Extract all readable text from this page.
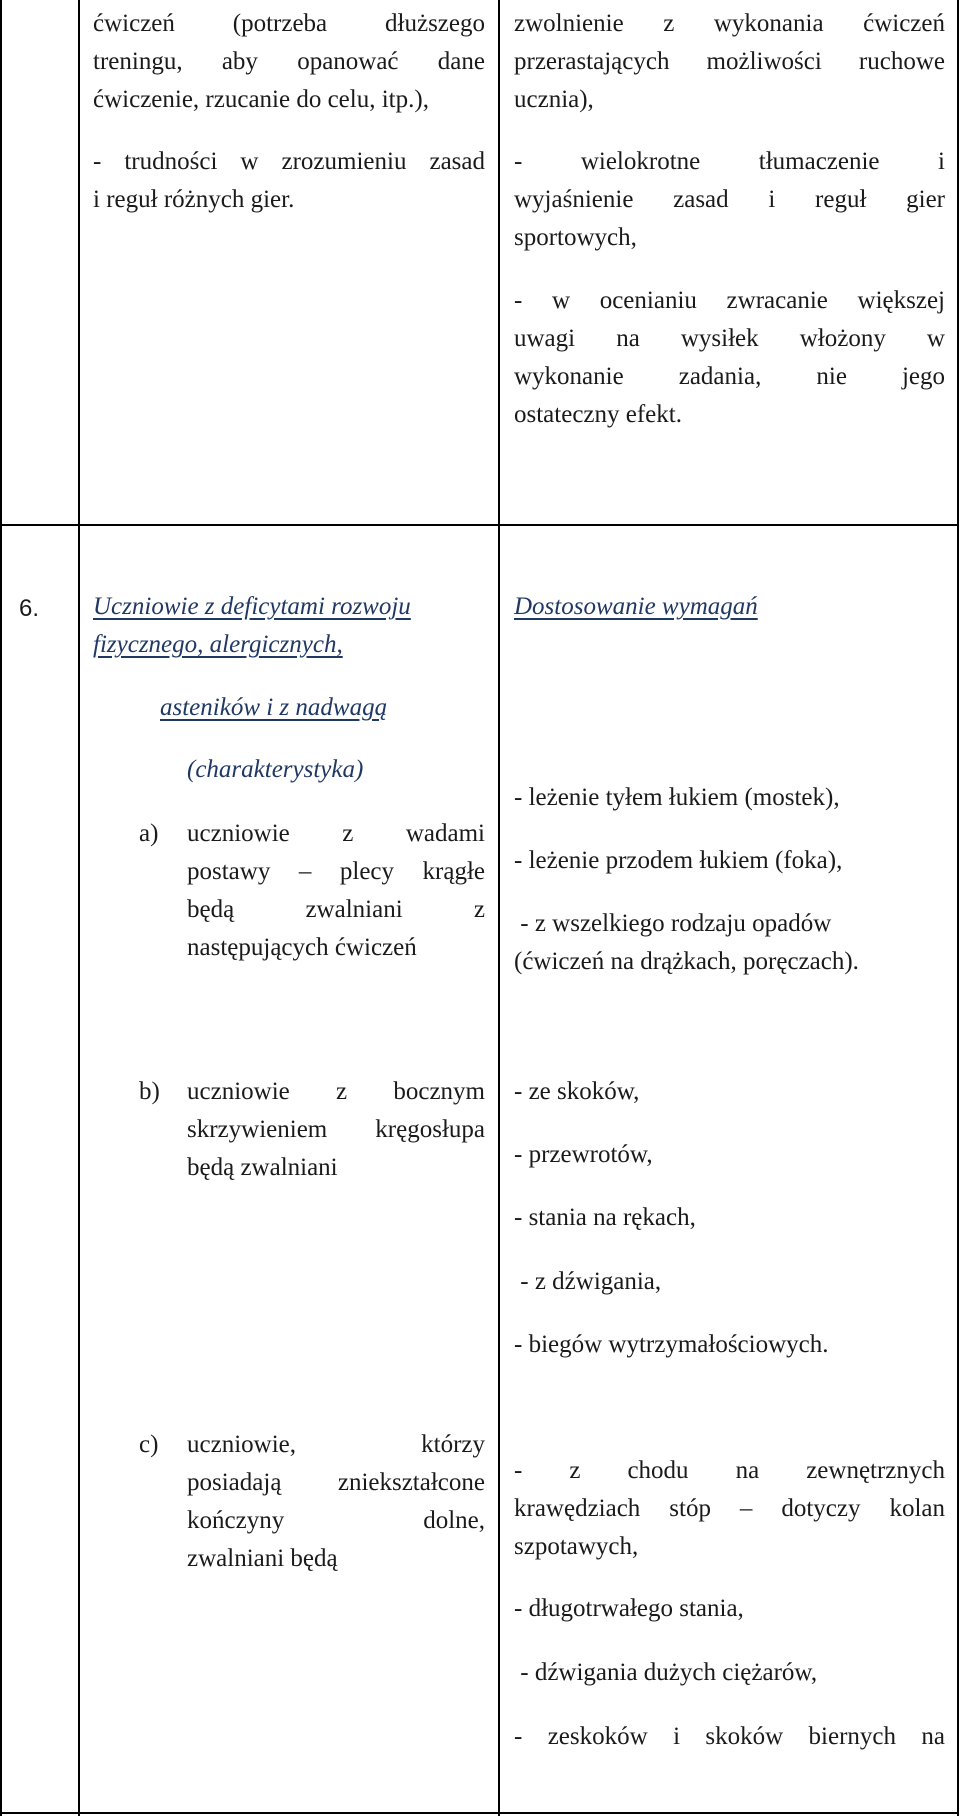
ćwiczeń (potrzeba dłuższego
treningu, aby opanować dane
ćwiczenie, rzucanie do celu, itp.),
- trudności w zrozumieniu zasad
i reguł różnych gier.
zwolnienie z wykonania ćwiczeń
przerastających możliwości ruchowe
ucznia),
- wielokrotne tłumaczenie i
wyjaśnienie zasad i reguł gier
sportowych,
- w ocenianiu zwracanie większej
uwagi na wysiłek włożony w
wykonanie zadania, nie jego
ostateczny efekt.
6. Uczniowie z deficytami rozwoju
fizycznego, alergicznych,
asteników i z nadwagą
(charakterystyka)
a) uczniowie z wadami
postawy – plecy krągłe
będą zwalniani z
następujących ćwiczeń
b) uczniowie z bocznym
skrzywieniem kręgosłupa
będą zwalniani
c) uczniowie, którzy
posiadają zniekształcone
kończyny dolne,
zwalniani będą
Dostosowanie wymagań
- leżenie tyłem łukiem (mostek),
- leżenie przodem łukiem (foka),
- z wszelkiego rodzaju opadów
(ćwiczeń na drążkach, poręczach).
- ze skoków,
- przewrotów,
- stania na rękach,
- z dźwigania,
- biegów wytrzymałościowych.
- z chodu na zewnętrznych
krawędziach stóp – dotyczy kolan
szpotawych,
- długotrwałego stania,
- dźwigania dużych ciężarów,
- zeskoków i skoków biernych na
